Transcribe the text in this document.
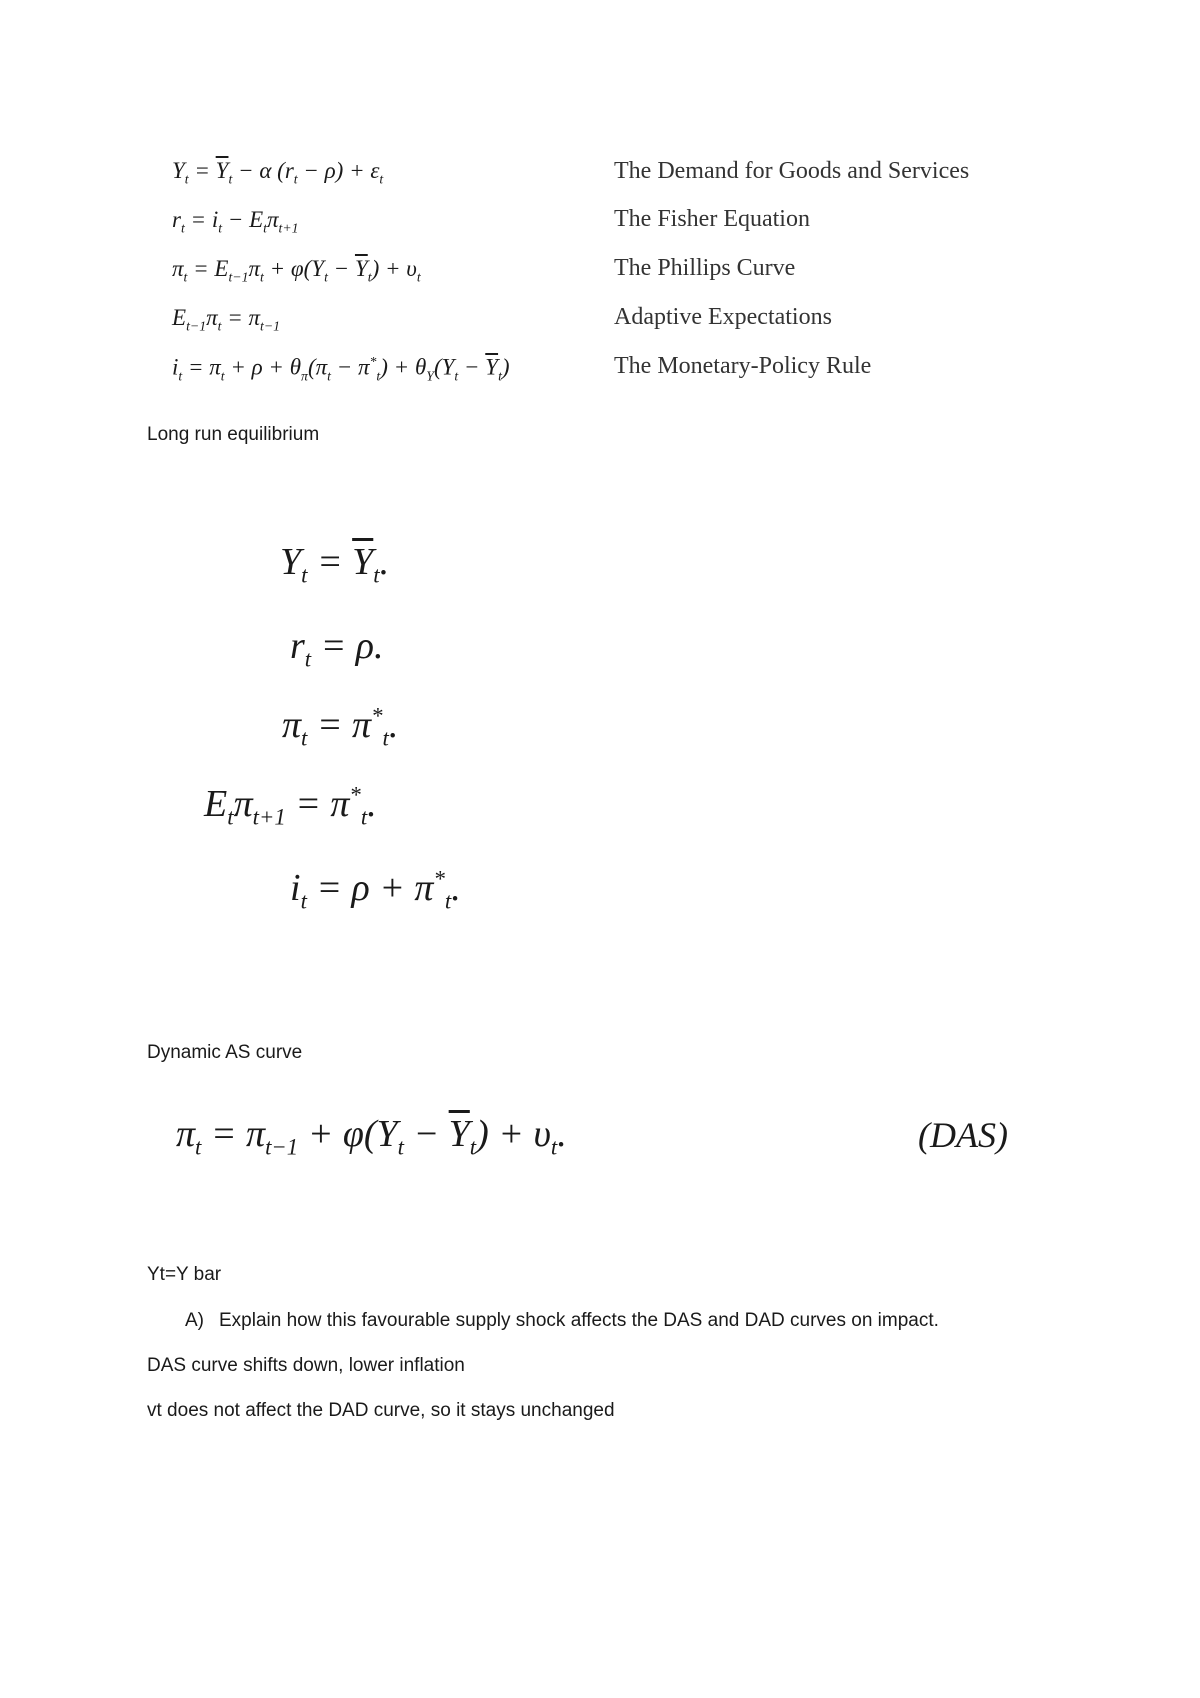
$Y_t = \overline{Y}_t - \alpha$ $(r_t - \rho) + \varepsilon_t$	The Demand for Goods and Services
$r_t = i_t - E_t\pi_{t+1}$	The Fisher Equation
$\pi_t = E_{t-1}\pi_t + \varphi(Y_t - \overline{Y}_t) + \upsilon_t$	The Phillips Curve
$E_{t-1}\pi_t = \pi_{t-1}$	Adaptive Expectations
$i_t = \pi_t + \rho + \theta_\pi(\pi_t - \pi^*_t) + \theta_Y(Y_t - \overline{Y}_t)$	The Monetary-Policy Rule
Long run equilibrium
$Y_t = \overline{Y}_t$.
$r_t = \rho$.
$\pi_t = \pi^*_t$.
$E_t\pi_{t+1} = \pi^*_t$.
$i_t = \rho + \pi^*_t$.
Dynamic AS curve
$\pi_t = \pi_{t-1} + \varphi(Y_t - \overline{Y}_t) + \upsilon_t$.	(DAS)
Yt=Y bar
A) Explain how this favourable supply shock affects the DAS and DAD curves on impact.
DAS curve shifts down, lower inflation
vt does not affect the DAD curve, so it stays unchanged
